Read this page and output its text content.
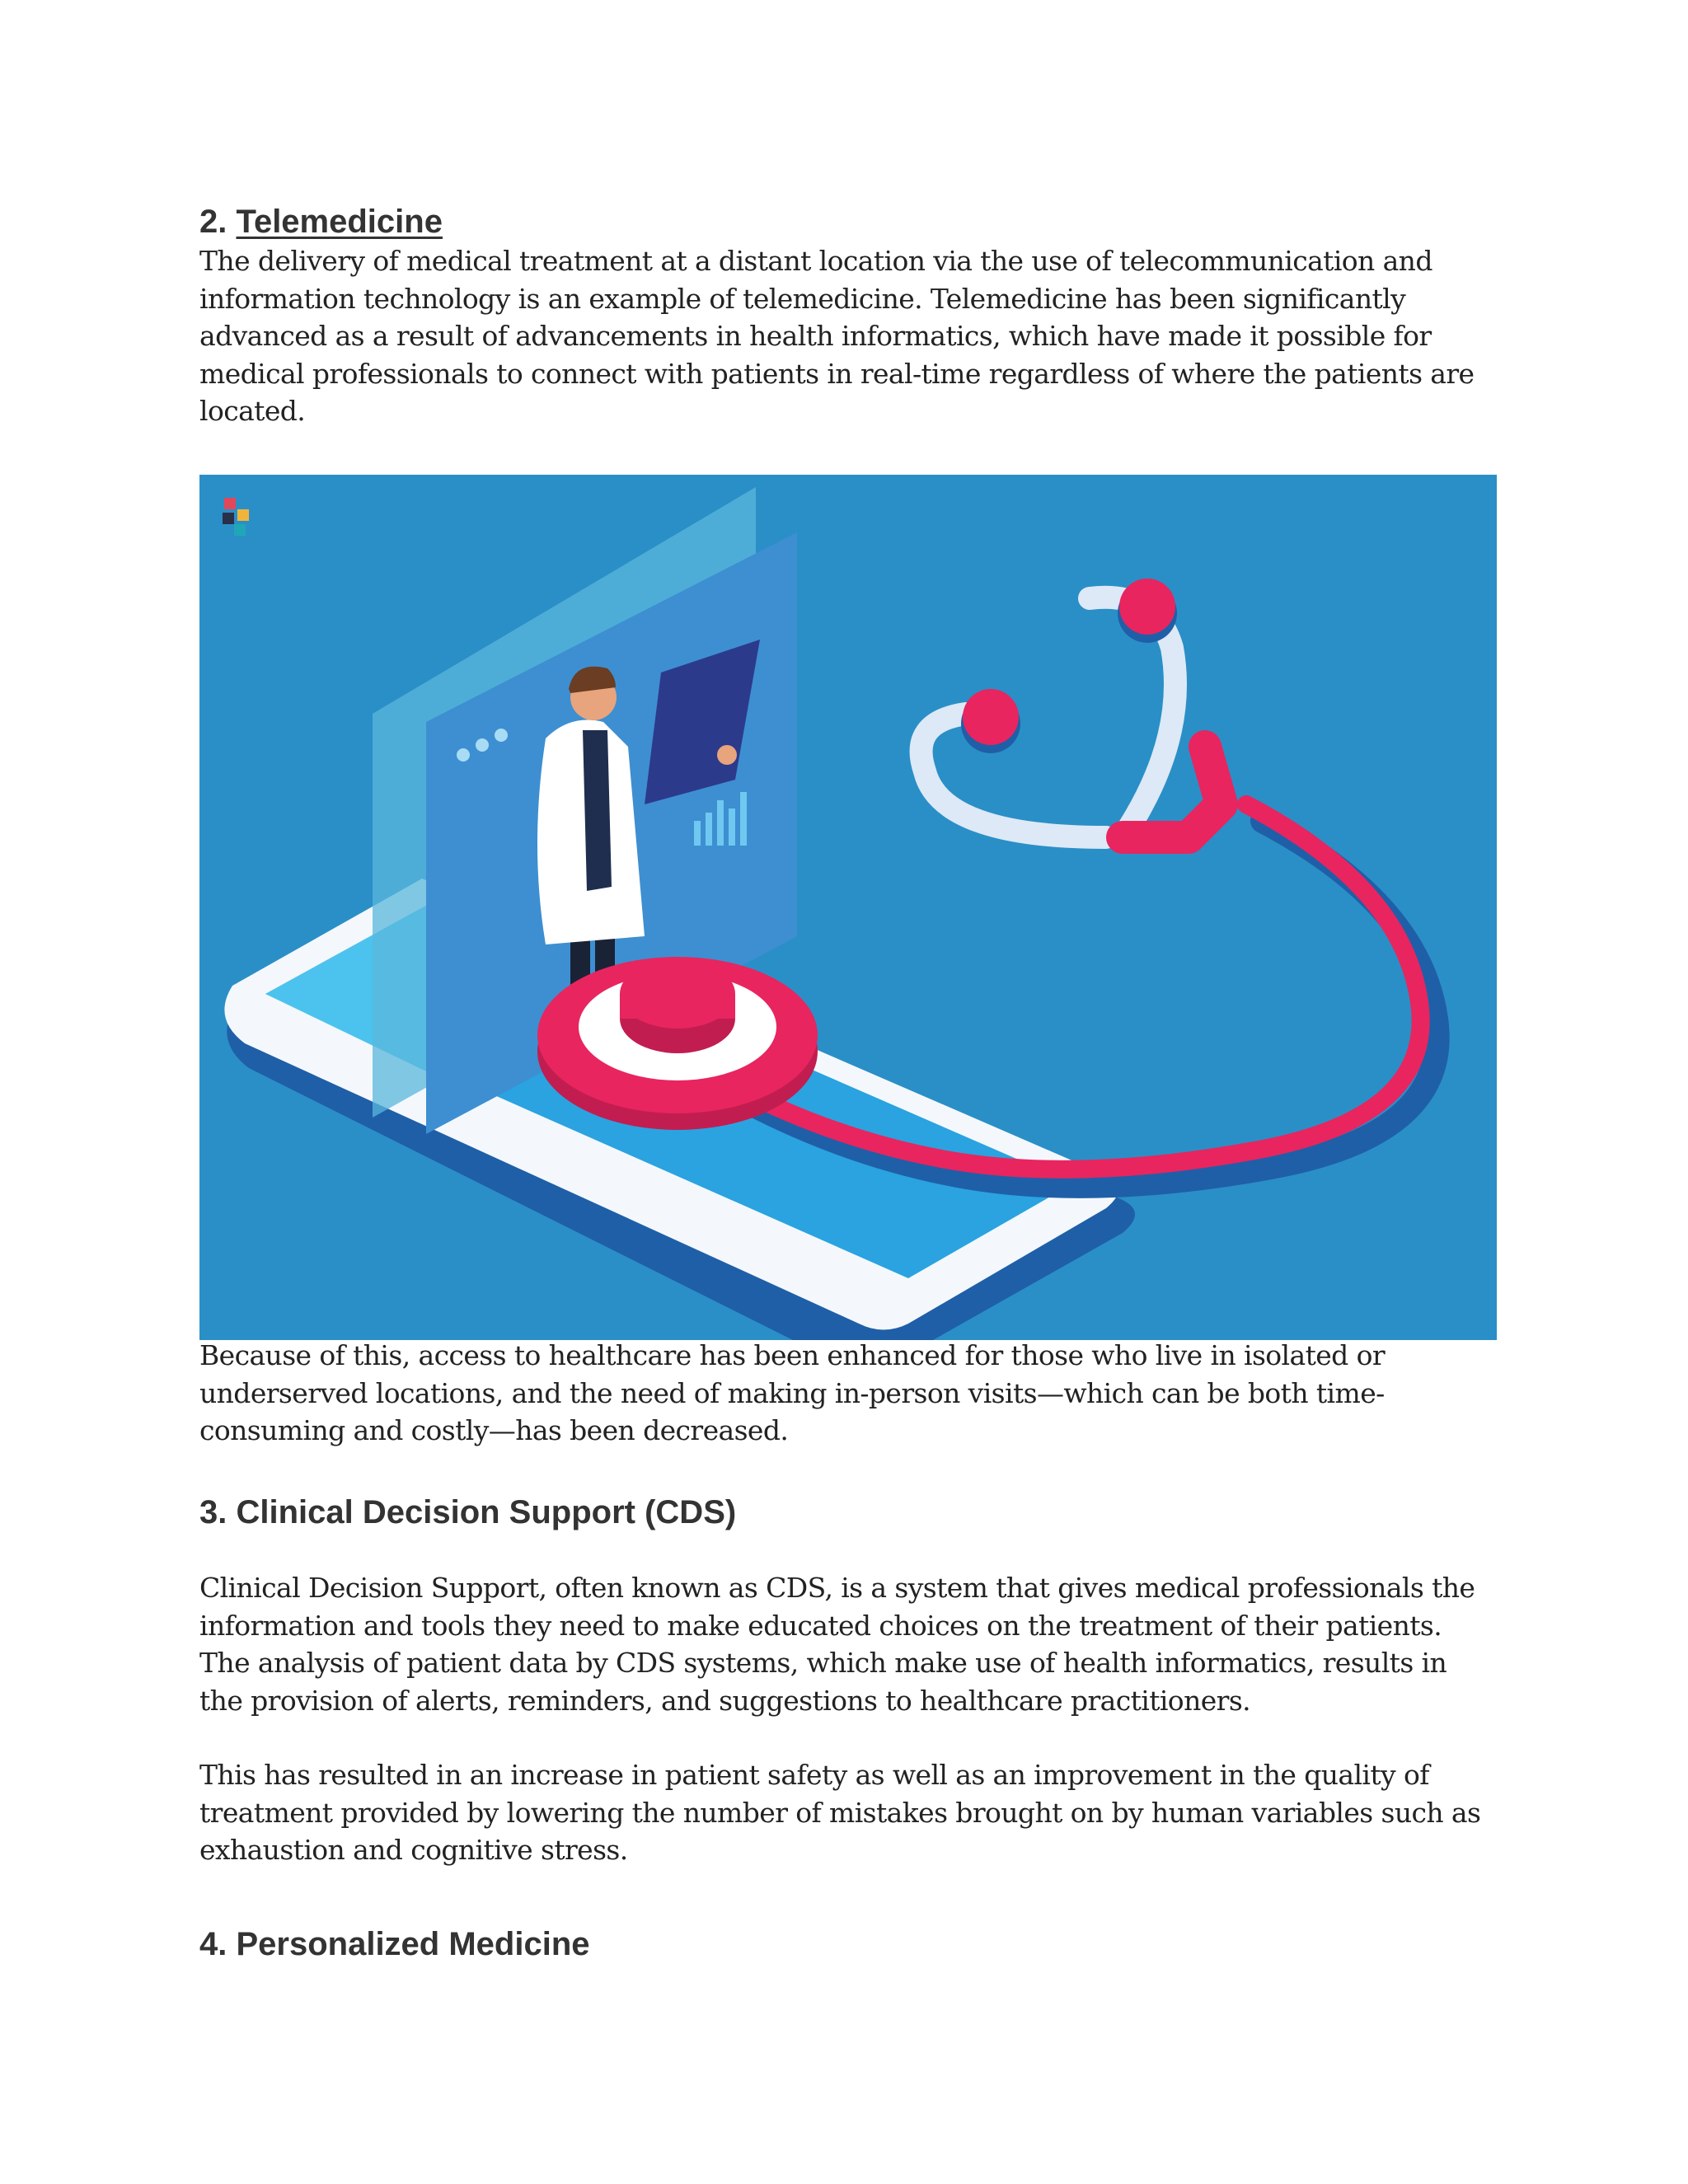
2. Telemedicine

The delivery of medical treatment at a distant location via the use of telecommunication and information technology is an example of telemedicine. Telemedicine has been significantly advanced as a result of advancements in health informatics, which have made it possible for medical professionals to connect with patients in real-time regardless of where the patients are located.

Because of this, access to healthcare has been enhanced for those who live in isolated or underserved locations, and the need of making in-person visits—which can be both time-consuming and costly—has been decreased.

3. Clinical Decision Support (CDS)

Clinical Decision Support, often known as CDS, is a system that gives medical professionals the information and tools they need to make educated choices on the treatment of their patients. The analysis of patient data by CDS systems, which make use of health informatics, results in the provision of alerts, reminders, and suggestions to healthcare practitioners.

This has resulted in an increase in patient safety as well as an improvement in the quality of treatment provided by lowering the number of mistakes brought on by human variables such as exhaustion and cognitive stress.

4. Personalized Medicine
